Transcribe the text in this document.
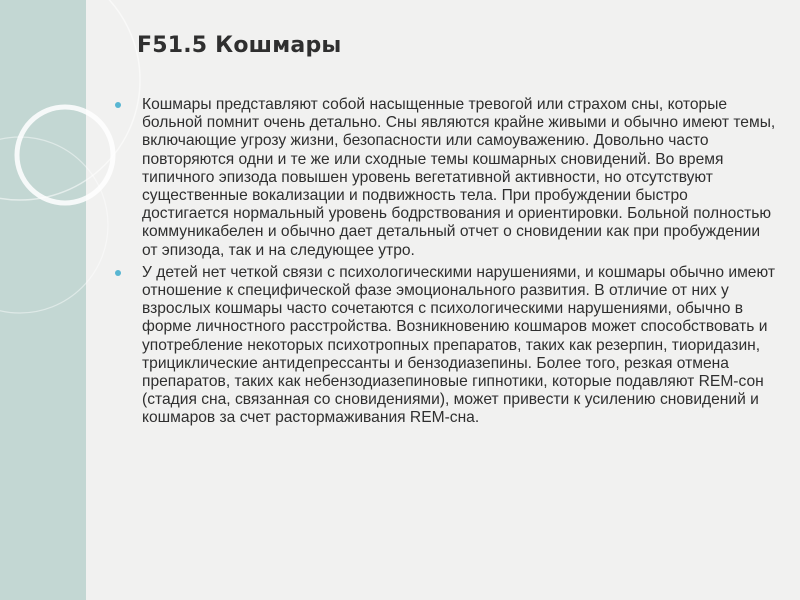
F51.5 Кошмары
Кошмары представляют собой насыщенные тревогой или страхом сны, которые больной помнит очень детально. Сны являются крайне живыми и обычно имеют темы, включающие угрозу жизни, безопасности или самоуважению. Довольно часто повторяются одни и те же или сходные темы кошмарных сновидений. Во время типичного эпизода повышен уровень вегетативной активности, но отсутствуют существенные вокализации и подвижность тела. При пробуждении быстро достигается нормальный уровень бодрствования и ориентировки. Больной полностью коммуникабелен и обычно дает детальный отчет о сновидении как при пробуждении от эпизода, так и на следующее утро.
У детей нет четкой связи с психологическими нарушениями, и кошмары обычно имеют отношение к специфической фазе эмоционального развития. В отличие от них у взрослых кошмары часто сочетаются с психологическими нарушениями, обычно в форме личностного расстройства. Возникновению кошмаров может способствовать и употребление некоторых психотропных препаратов, таких как резерпин, тиоридазин, трициклические антидепрессанты и бензодиазепины. Более того, резкая отмена препаратов, таких как небензодиазепиновые гипнотики, которые подавляют REM-сон (стадия сна, связанная со сновидениями), может привести к усилению сновидений и кошмаров за счет растормаживания REM-сна.
